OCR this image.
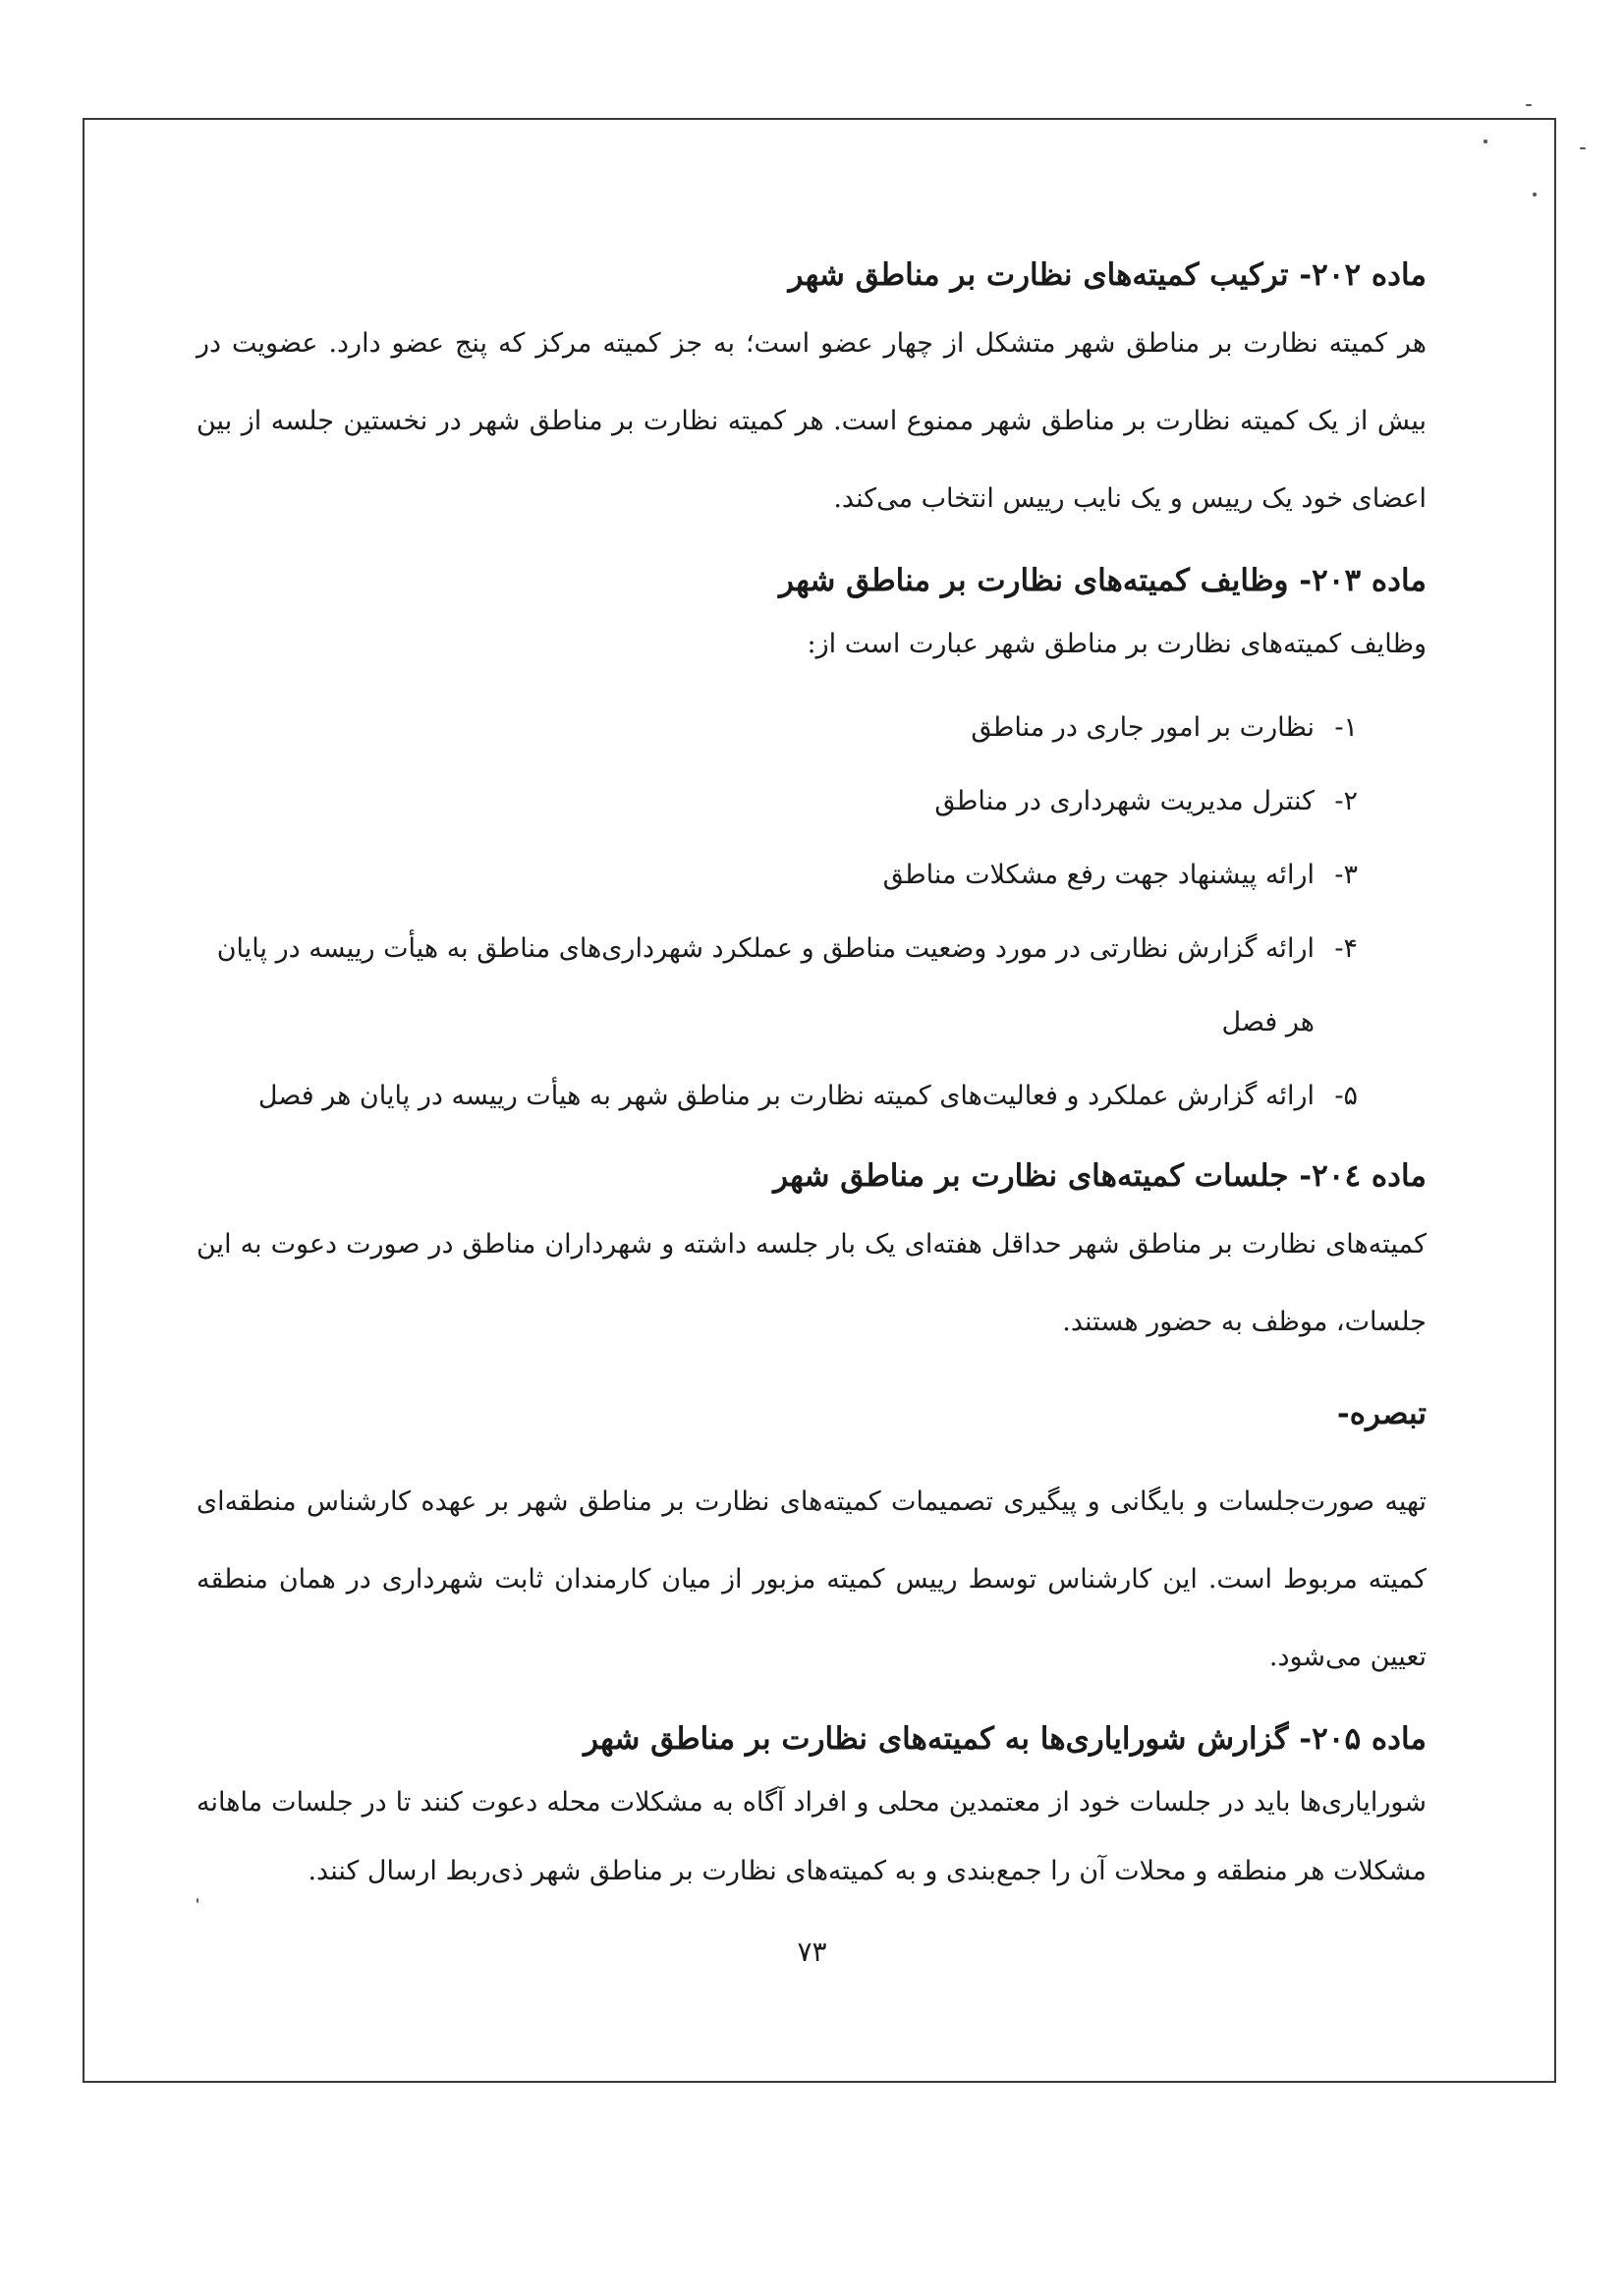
ماده ۲۰۲- ترکیب کمیته‌های نظارت بر مناطق شهر

هر کمیته نظارت بر مناطق شهر متشکل از چهار عضو است؛ به جز کمیته مرکز که پنج عضو دارد. عضویت در بیش از یک کمیته نظارت بر مناطق شهر ممنوع است. هر کمیته نظارت بر مناطق شهر در نخستین جلسه از بین اعضای خود یک رییس و یک نایب رییس انتخاب می‌کند.

ماده ۲۰۳- وظایف کمیته‌های نظارت بر مناطق شهر

وظایف کمیته‌های نظارت بر مناطق شهر عبارت است از:

۱-
نظارت بر امور جاری در مناطق
۲-
کنترل مدیریت شهرداری در مناطق
۳-
ارائه پیشنهاد جهت رفع مشکلات مناطق
۴-
ارائه گزارش نظارتی در مورد وضعیت مناطق و عملکرد شهرداری‌های مناطق به هیأت رییسه در پایان هر فصل
۵-
ارائه گزارش عملکرد و فعالیت‌های کمیته نظارت بر مناطق شهر به هیأت رییسه در پایان هر فصل
ماده ٢٠٤- جلسات کمیته‌های نظارت بر مناطق شهر

کمیته‌های نظارت بر مناطق شهر حداقل هفته‌ای یک بار جلسه داشته و شهرداران مناطق در صورت دعوت به این جلسات، موظف به حضور هستند.

تبصره-

تهیه صورت‌جلسات و بایگانی و پیگیری تصمیمات کمیته‌های نظارت بر مناطق شهر بر عهده کارشناس منطقه‌ای کمیته مربوط است. این کارشناس توسط رییس کمیته مزبور از میان کارمندان ثابت شهرداری در همان منطقه تعیین می‌شود.

ماده ۲۰۵- گزارش شورایاری‌ها به کمیته‌های نظارت بر مناطق شهر

شورایاری‌ها باید در جلسات خود از معتمدین محلی و افراد آگاه به مشکلات محله دعوت کنند تا در جلسات ماهانه مشکلات هر منطقه و محلات آن را جمع‌بندی و به کمیته‌های نظارت بر مناطق شهر ذی‌ربط ارسال کنند.

۷۳
